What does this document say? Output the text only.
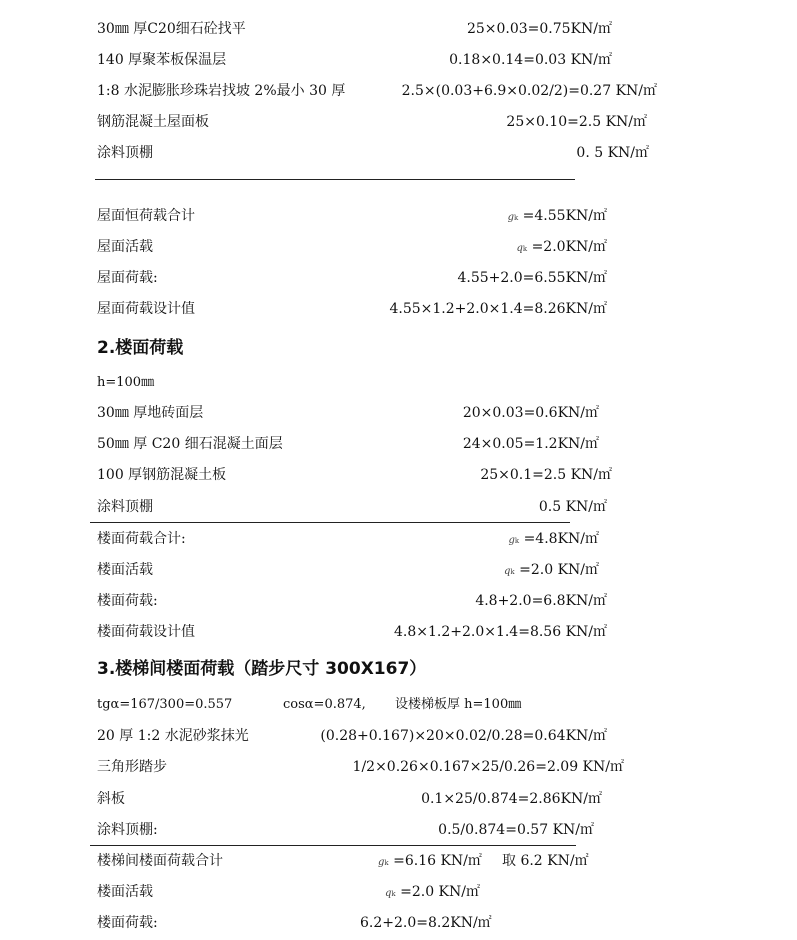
30㎜ 厚C20细石砼找平	25×0.03=0.75KN/㎡
140 厚聚苯板保温层	0.18×0.14=0.03 KN/㎡
1:8 水泥膨胀珍珠岩找坡 2%最小 30 厚	2.5×(0.03+6.9×0.02/2)=0.27 KN/㎡
钢筋混凝土屋面板	25×0.10=2.5 KN/㎡
涂料顶棚	0. 5 KN/㎡
屋面恒荷载合计	gk =4.55KN/㎡
屋面活载	qk =2.0KN/㎡
屋面荷载:	4.55+2.0=6.55KN/㎡
屋面荷载设计值	4.55×1.2+2.0×1.4=8.26KN/㎡
2.楼面荷载
h=100㎜
30㎜ 厚地砖面层	20×0.03=0.6KN/㎡
50㎜ 厚 C20 细石混凝土面层	24×0.05=1.2KN/㎡
100 厚钢筋混凝土板	25×0.1=2.5 KN/㎡
涂料顶棚	0.5 KN/㎡
楼面荷载合计:	gk =4.8KN/㎡
楼面活载	qk =2.0 KN/㎡
楼面荷载:	4.8+2.0=6.8KN/㎡
楼面荷载设计值	4.8×1.2+2.0×1.4=8.56 KN/㎡
3.楼梯间楼面荷载（踏步尺寸 300X167）
tgα=167/300=0.557	cosα=0.874, 设楼梯板厚 h=100㎜
20 厚 1:2 水泥砂浆抹光	(0.28+0.167)×20×0.02/0.28=0.64KN/㎡
三角形踏步	1/2×0.26×0.167×25/0.26=2.09 KN/㎡
斜板	0.1×25/0.874=2.86KN/㎡
涂料顶棚:	0.5/0.874=0.57 KN/㎡
楼梯间楼面荷载合计	gk =6.16 KN/㎡ 取 6.2 KN/㎡
楼面活载	qk =2.0 KN/㎡
楼面荷载:	6.2+2.0=8.2KN/㎡
